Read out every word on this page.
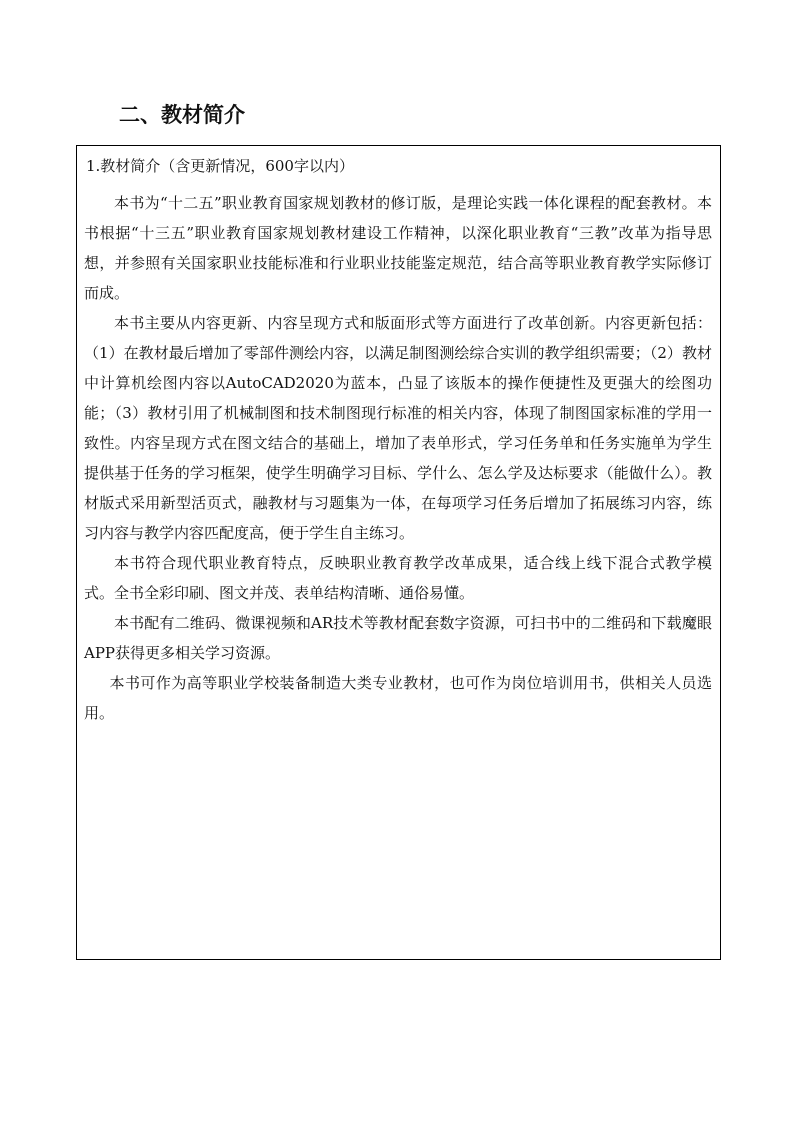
二、教材简介

1.教材简介（含更新情况，600字以内）

本书为“十二五”职业教育国家规划教材的修订版，是理论实践一体化课程的配套教材。本书根据“十三五”职业教育国家规划教材建设工作精神，以深化职业教育“三教”改革为指导思想，并参照有关国家职业技能标准和行业职业技能鉴定规范，结合高等职业教育教学实际修订而成。

本书主要从内容更新、内容呈现方式和版面形式等方面进行了改革创新。内容更新包括：（1）在教材最后增加了零部件测绘内容，以满足制图测绘综合实训的教学组织需要；（2）教材中计算机绘图内容以AutoCAD2020为蓝本，凸显了该版本的操作便捷性及更强大的绘图功能；（3）教材引用了机械制图和技术制图现行标准的相关内容，体现了制图国家标准的学用一致性。内容呈现方式在图文结合的基础上，增加了表单形式，学习任务单和任务实施单为学生提供基于任务的学习框架，使学生明确学习目标、学什么、怎么学及达标要求（能做什么）。教材版式采用新型活页式，融教材与习题集为一体，在每项学习任务后增加了拓展练习内容，练习内容与教学内容匹配度高，便于学生自主练习。

本书符合现代职业教育特点，反映职业教育教学改革成果，适合线上线下混合式教学模式。全书全彩印刷、图文并茂、表单结构清晰、通俗易懂。

本书配有二维码、微课视频和AR技术等教材配套数字资源，可扫书中的二维码和下载魔眼APP获得更多相关学习资源。

本书可作为高等职业学校装备制造大类专业教材，也可作为岗位培训用书，供相关人员选用。
